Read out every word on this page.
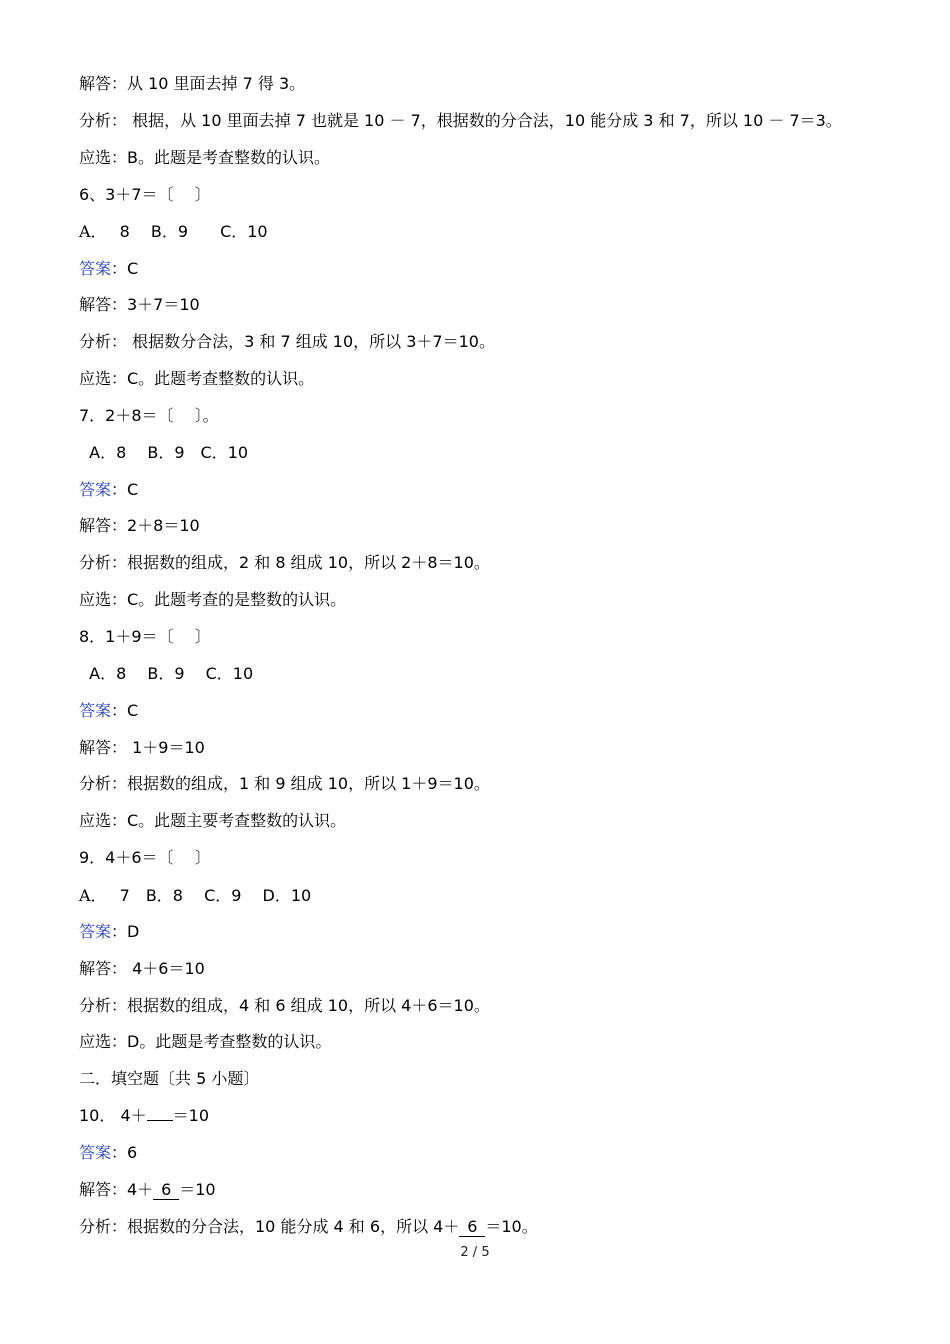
解答：从 10 里面去掉 7 得 3。
分析： 根据，从 10 里面去掉 7 也就是 10 － 7，根据数的分合法，10 能分成 3 和 7，所以 10 － 7＝3。
应选：B。此题是考查整数的认识。
6、3＋7＝〔　 〕
A．　 8　 B．9　　C．10
答案：C
解答：3＋7＝10
分析： 根据数分合法，3 和 7 组成 10，所以 3＋7＝10。
应选：C。此题考查整数的认识。
7．2＋8＝〔　 〕。
A．8　 B．9　C．10
答案：C
解答：2＋8＝10
分析：根据数的组成，2 和 8 组成 10，所以 2＋8＝10。
应选：C。此题考查的是整数的认识。
8．1＋9＝〔　 〕
A．8　 B．9　 C．10
答案：C
解答： 1＋9＝10
分析：根据数的组成，1 和 9 组成 10，所以 1＋9＝10。
应选：C。此题主要考查整数的认识。
9．4＋6＝〔　 〕
A．　 7　B．8　 C．9　 D．10
答案：D
解答： 4＋6＝10
分析：根据数的组成，4 和 6 组成 10，所以 4＋6＝10。
应选：D。此题是考查整数的认识。
二．填空题〔共 5 小题〕
10． 4＋ ＝10
答案：6
解答：4＋ 6 ＝10
分析：根据数的分合法，10 能分成 4 和 6，所以 4＋ 6 ＝10。
2 / 5
